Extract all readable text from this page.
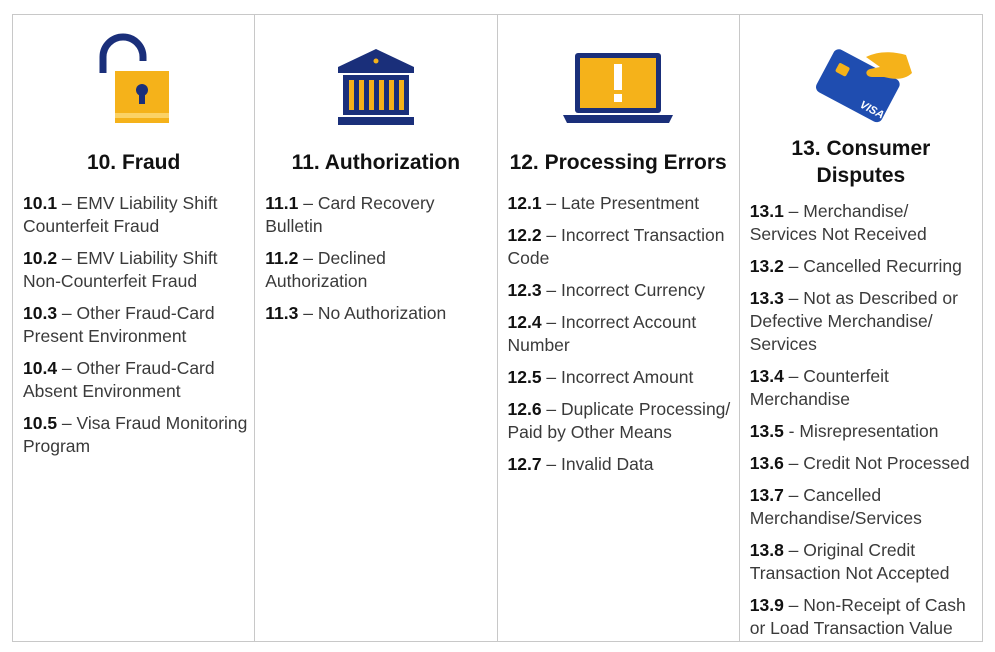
10. Fraud
10.1 – EMV Liability Shift Counterfeit Fraud
10.2 – EMV Liability Shift Non-Counterfeit Fraud
10.3 – Other Fraud-Card Present Environment
10.4 – Other Fraud-Card Absent Environment
10.5 – Visa Fraud Monitoring Program
11. Authorization
11.1 – Card Recovery Bulletin
11.2 – Declined Authorization
11.3 – No Authorization
12. Processing Errors
12.1 – Late Presentment
12.2 – Incorrect Transaction Code
12.3 – Incorrect Currency
12.4 – Incorrect Account Number
12.5 – Incorrect Amount
12.6 – Duplicate Processing/ Paid by Other Means
12.7 – Invalid Data
VISA
13. Consumer Disputes
13.1 – Merchandise/ Services Not Received
13.2 – Cancelled Recurring
13.3 – Not as Described or Defective Merchandise/ Services
13.4 – Counterfeit Merchandise
13.5 - Misrepresentation
13.6 – Credit Not Processed
13.7 – Cancelled Merchandise/Services
13.8 – Original Credit Transaction Not Accepted
13.9 – Non-Receipt of Cash or Load Transaction Value
